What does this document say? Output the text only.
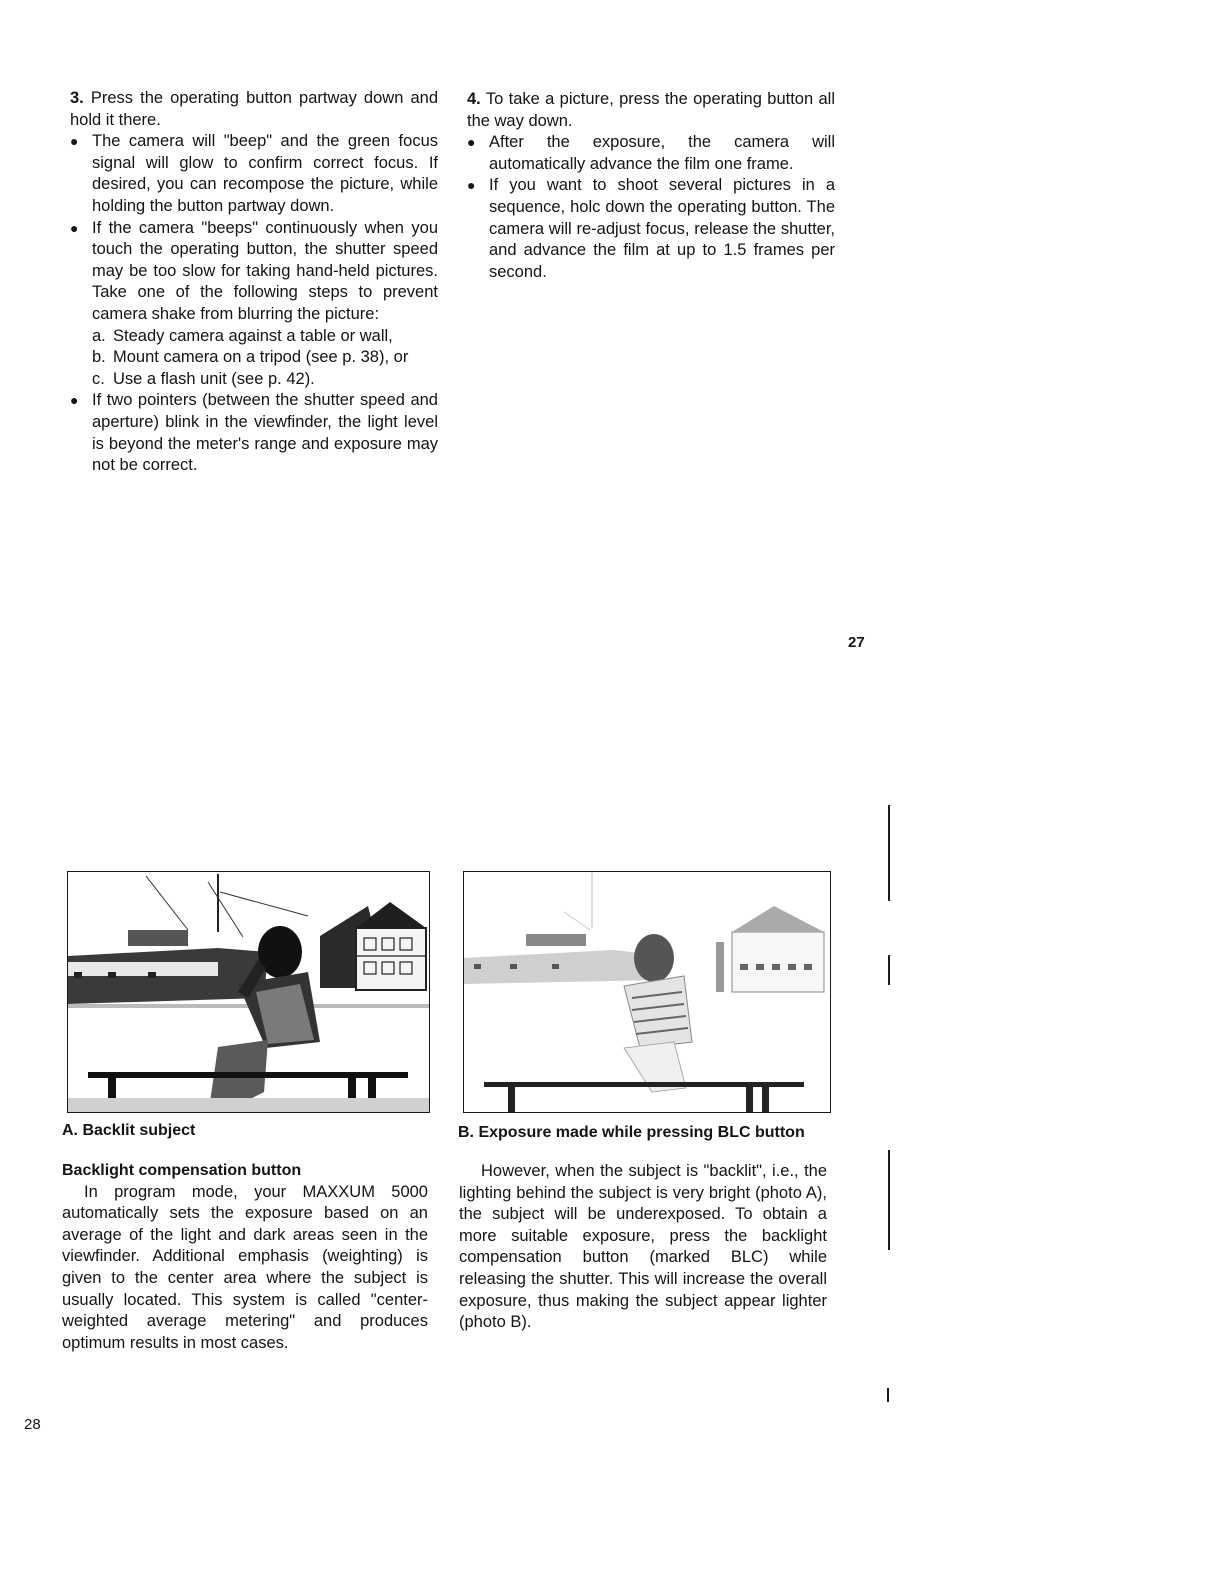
3. Press the operating button partway down and hold it there.

● The camera will "beep" and the green focus signal will glow to confirm correct focus. If desired, you can recompose the picture, while holding the button partway down.
● If the camera "beeps" continuously when you touch the operating button, the shutter speed may be too slow for taking hand-held pictures. Take one of the following steps to prevent camera shake from blurring the picture:
a. Steady camera against a table or wall,
b. Mount camera on a tripod (see p. 38), or
c. Use a flash unit (see p. 42).
● If two pointers (between the shutter speed and aperture) blink in the viewfinder, the light level is beyond the meter's range and exposure may not be correct.

4. To take a picture, press the operating button all the way down.

● After the exposure, the camera will automatically advance the film one frame.
● If you want to shoot several pictures in a sequence, holc down the operating button. The camera will re-adjust focus, release the shutter, and advance the film at up to 1.5 frames per second.
27
A. Backlit subject	B. Exposure made while pressing BLC button

Backlight compensation button

In program mode, your MAXXUM 5000 automatically sets the exposure based on an average of the light and dark areas seen in the viewfinder. Additional emphasis (weighting) is given to the center area where the subject is usually located. This system is called "center-weighted average metering" and produces optimum results in most cases.

However, when the subject is "backlit", i.e., the lighting behind the subject is very bright (photo A), the subject will be underexposed. To obtain a more suitable exposure, press the backlight compensation button (marked BLC) while releasing the shutter. This will increase the overall exposure, thus making the subject appear lighter (photo B).

28
